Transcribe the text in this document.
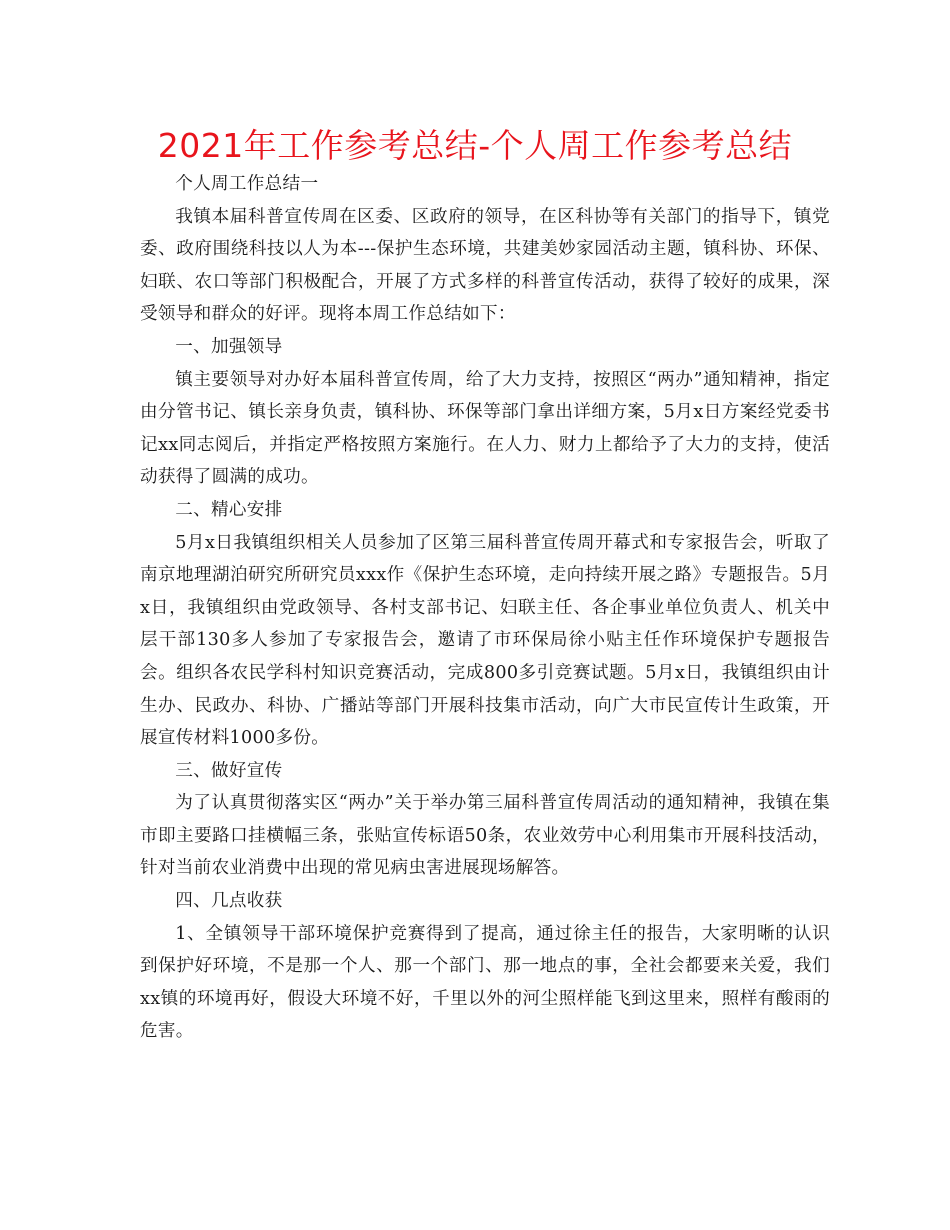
2021年工作参考总结-个人周工作参考总结

个人周工作总结一

我镇本届科普宣传周在区委、区政府的领导，在区科协等有关部门的指导下，镇党委、政府围绕科技以人为本---保护生态环境，共建美妙家园活动主题，镇科协、环保、妇联、农口等部门积极配合，开展了方式多样的科普宣传活动，获得了较好的成果，深受领导和群众的好评。现将本周工作总结如下：

一、加强领导

镇主要领导对办好本届科普宣传周，给了大力支持，按照区“两办”通知精神，指定由分管书记、镇长亲身负责，镇科协、环保等部门拿出详细方案，5月x日方案经党委书记xx同志阅后，并指定严格按照方案施行。在人力、财力上都给予了大力的支持，使活动获得了圆满的成功。

二、精心安排

5月x日我镇组织相关人员参加了区第三届科普宣传周开幕式和专家报告会，听取了南京地理湖泊研究所研究员xxx作《保护生态环境，走向持续开展之路》专题报告。5月x日，我镇组织由党政领导、各村支部书记、妇联主任、各企事业单位负责人、机关中层干部130多人参加了专家报告会，邀请了市环保局徐小贴主任作环境保护专题报告会。组织各农民学科村知识竞赛活动，完成800多引竞赛试题。5月x日，我镇组织由计生办、民政办、科协、广播站等部门开展科技集市活动，向广大市民宣传计生政策，开展宣传材料1000多份。

三、做好宣传

为了认真贯彻落实区“两办”关于举办第三届科普宣传周活动的通知精神，我镇在集市即主要路口挂横幅三条，张贴宣传标语50条，农业效劳中心利用集市开展科技活动，针对当前农业消费中出现的常见病虫害进展现场解答。

四、几点收获

1、全镇领导干部环境保护竞赛得到了提高，通过徐主任的报告，大家明晰的认识到保护好环境，不是那一个人、那一个部门、那一地点的事，全社会都要来关爱，我们xx镇的环境再好，假设大环境不好，千里以外的河尘照样能飞到这里来，照样有酸雨的危害。
